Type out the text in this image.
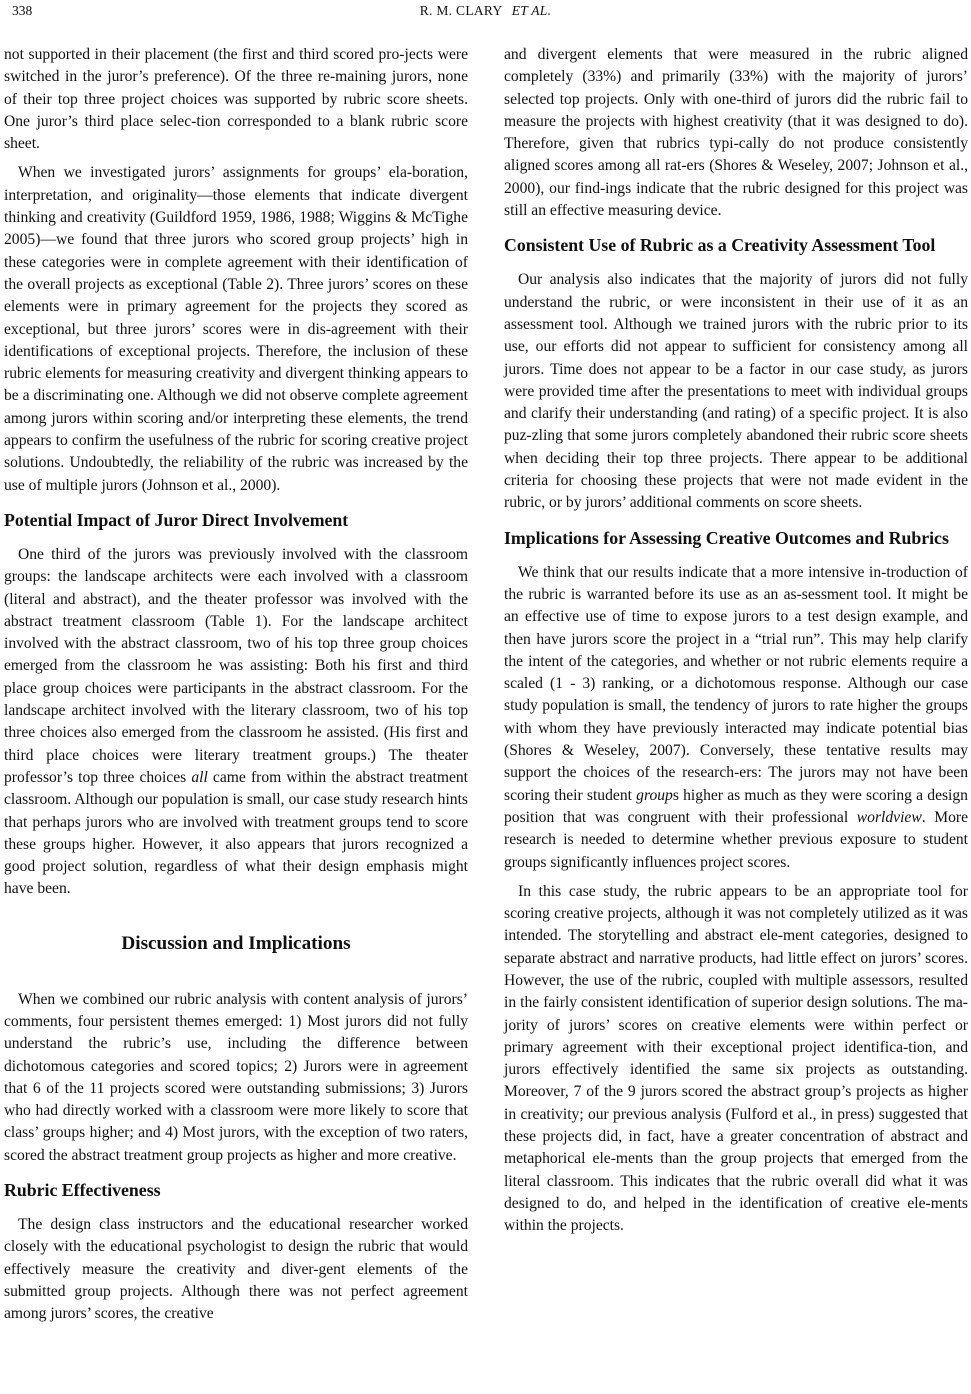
338	R. M. CLARY ET AL.

not supported in their placement (the first and third scored pro-jects were switched in the juror’s preference). Of the three re-maining jurors, none of their top three project choices was supported by rubric score sheets. One juror’s third place selec-tion corresponded to a blank rubric score sheet.

When we investigated jurors’ assignments for groups’ ela-boration, interpretation, and originality—those elements that indicate divergent thinking and creativity (Guildford 1959, 1986, 1988; Wiggins & McTighe 2005)—we found that three jurors who scored group projects’ high in these categories were in complete agreement with their identification of the overall projects as exceptional (Table 2). Three jurors’ scores on these elements were in primary agreement for the projects they scored as exceptional, but three jurors’ scores were in dis-agreement with their identifications of exceptional projects. Therefore, the inclusion of these rubric elements for measuring creativity and divergent thinking appears to be a discriminating one. Although we did not observe complete agreement among jurors within scoring and/or interpreting these elements, the trend appears to confirm the usefulness of the rubric for scoring creative project solutions. Undoubtedly, the reliability of the rubric was increased by the use of multiple jurors (Johnson et al., 2000).

Potential Impact of Juror Direct Involvement

One third of the jurors was previously involved with the classroom groups: the landscape architects were each involved with a classroom (literal and abstract), and the theater professor was involved with the abstract treatment classroom (Table 1). For the landscape architect involved with the abstract classroom, two of his top three group choices emerged from the classroom he was assisting: Both his first and third place group choices were participants in the abstract classroom. For the landscape architect involved with the literary classroom, two of his top three choices also emerged from the classroom he assisted. (His first and third place choices were literary treatment groups.) The theater professor’s top three choices all came from within the abstract treatment classroom. Although our population is small, our case study research hints that perhaps jurors who are involved with treatment groups tend to score these groups higher. However, it also appears that jurors recognized a good project solution, regardless of what their design emphasis might have been.

Discussion and Implications

When we combined our rubric analysis with content analysis of jurors’ comments, four persistent themes emerged: 1) Most jurors did not fully understand the rubric’s use, including the difference between dichotomous categories and scored topics; 2) Jurors were in agreement that 6 of the 11 projects scored were outstanding submissions; 3) Jurors who had directly worked with a classroom were more likely to score that class’ groups higher; and 4) Most jurors, with the exception of two raters, scored the abstract treatment group projects as higher and more creative.

Rubric Effectiveness

The design class instructors and the educational researcher worked closely with the educational psychologist to design the rubric that would effectively measure the creativity and diver-gent elements of the submitted group projects. Although there was not perfect agreement among jurors’ scores, the creative

and divergent elements that were measured in the rubric aligned completely (33%) and primarily (33%) with the majority of jurors’ selected top projects. Only with one-third of jurors did the rubric fail to measure the projects with highest creativity (that it was designed to do). Therefore, given that rubrics typi-cally do not produce consistently aligned scores among all rat-ers (Shores & Weseley, 2007; Johnson et al., 2000), our find-ings indicate that the rubric designed for this project was still an effective measuring device.

Consistent Use of Rubric as a Creativity Assessment Tool

Our analysis also indicates that the majority of jurors did not fully understand the rubric, or were inconsistent in their use of it as an assessment tool. Although we trained jurors with the rubric prior to its use, our efforts did not appear to sufficient for consistency among all jurors. Time does not appear to be a factor in our case study, as jurors were provided time after the presentations to meet with individual groups and clarify their understanding (and rating) of a specific project. It is also puz-zling that some jurors completely abandoned their rubric score sheets when deciding their top three projects. There appear to be additional criteria for choosing these projects that were not made evident in the rubric, or by jurors’ additional comments on score sheets.

Implications for Assessing Creative Outcomes and Rubrics

We think that our results indicate that a more intensive in-troduction of the rubric is warranted before its use as an as-sessment tool. It might be an effective use of time to expose jurors to a test design example, and then have jurors score the project in a “trial run”. This may help clarify the intent of the categories, and whether or not rubric elements require a scaled (1 - 3) ranking, or a dichotomous response. Although our case study population is small, the tendency of jurors to rate higher the groups with whom they have previously interacted may indicate potential bias (Shores & Weseley, 2007). Conversely, these tentative results may support the choices of the research-ers: The jurors may not have been scoring their student groups higher as much as they were scoring a design position that was congruent with their professional worldview. More research is needed to determine whether previous exposure to student groups significantly influences project scores.

In this case study, the rubric appears to be an appropriate tool for scoring creative projects, although it was not completely utilized as it was intended. The storytelling and abstract ele-ment categories, designed to separate abstract and narrative products, had little effect on jurors’ scores. However, the use of the rubric, coupled with multiple assessors, resulted in the fairly consistent identification of superior design solutions. The ma-jority of jurors’ scores on creative elements were within perfect or primary agreement with their exceptional project identifica-tion, and jurors effectively identified the same six projects as outstanding. Moreover, 7 of the 9 jurors scored the abstract group’s projects as higher in creativity; our previous analysis (Fulford et al., in press) suggested that these projects did, in fact, have a greater concentration of abstract and metaphorical ele-ments than the group projects that emerged from the literal classroom. This indicates that the rubric overall did what it was designed to do, and helped in the identification of creative ele-ments within the projects.
